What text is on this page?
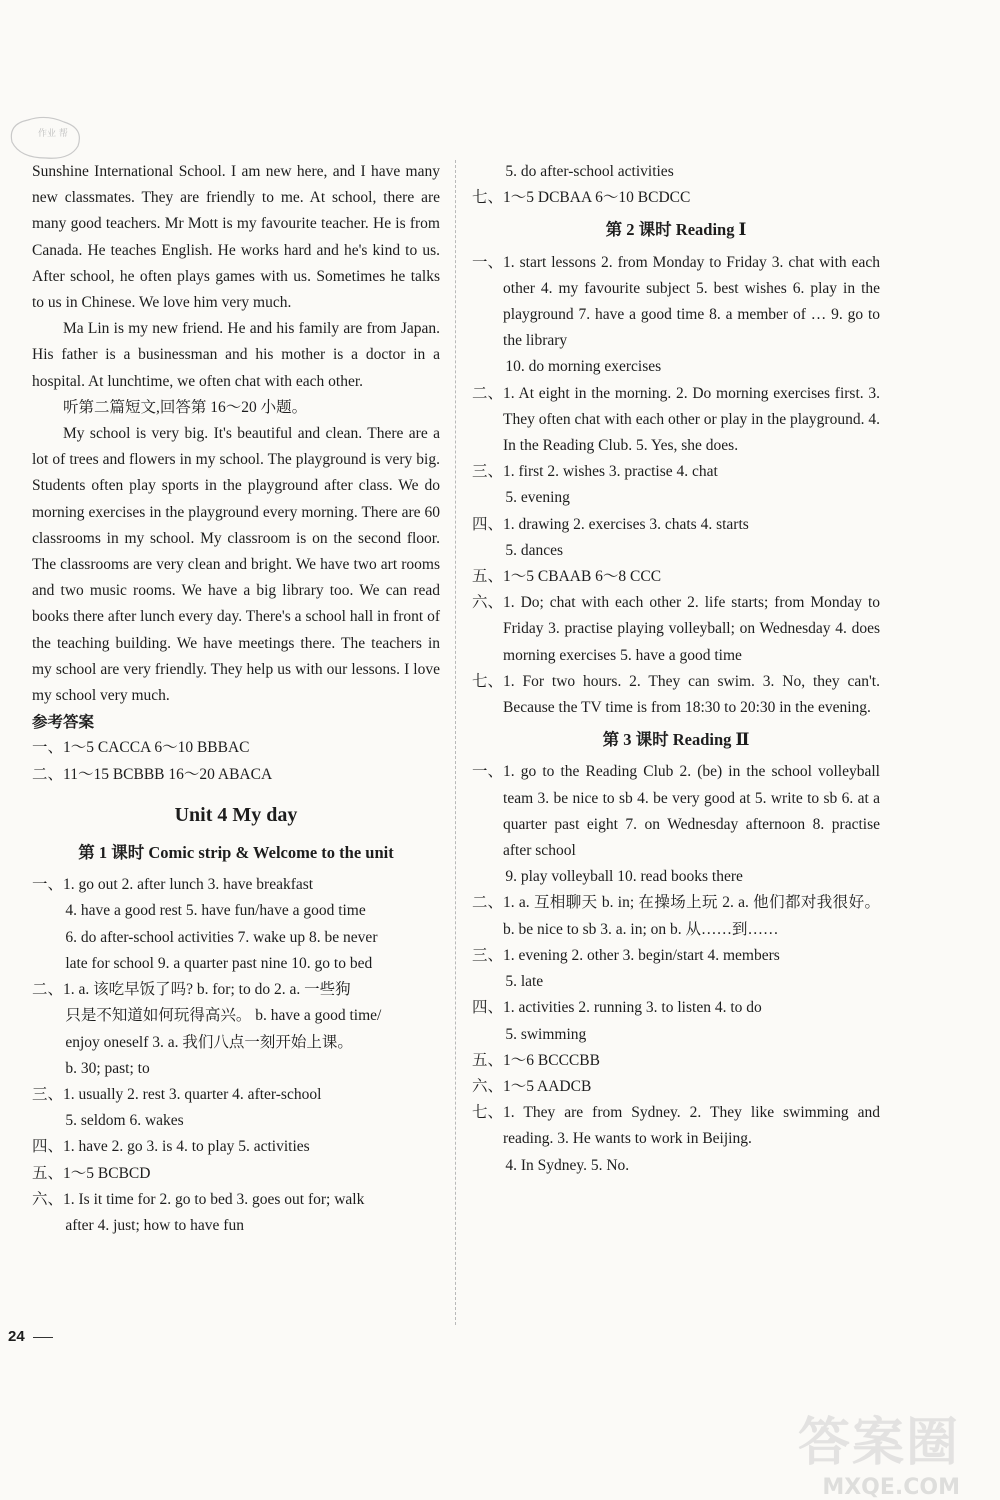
作业 帮
Sunshine International School. I am new here, and I have many new classmates. They are friendly to me. At school, there are many good teachers. Mr Mott is my favourite teacher. He is from Canada. He teaches English. He works hard and he's kind to us. After school, he often plays games with us. Sometimes he talks to us in Chinese. We love him very much.
Ma Lin is my new friend. He and his family are from Japan. His father is a businessman and his mother is a doctor in a hospital. At lunchtime, we often chat with each other.
听第二篇短文,回答第 16～20 小题。
My school is very big. It's beautiful and clean. There are a lot of trees and flowers in my school. The playground is very big. Students often play sports in the playground after class. We do morning exercises in the playground every morning. There are 60 classrooms in my school. My classroom is on the second floor. The classrooms are very clean and bright. We have two art rooms and two music rooms. We have a big library too. We can read books there after lunch every day. There's a school hall in front of the teaching building. We have meetings there. The teachers in my school are very friendly. They help us with our lessons. I love my school very much.
参考答案
一、 1～5 CACCA 6～10 BBBAC
二、 11～15 BCBBB 16～20 ABACA
Unit 4 My day
第 1 课时 Comic strip & Welcome to the unit
一、 1. go out 2. after lunch 3. have breakfast
4. have a good rest 5. have fun/have a good time
6. do after-school activities 7. wake up 8. be never
late for school 9. a quarter past nine 10. go to bed
二、 1. a. 该吃早饭了吗? b. for; to do 2. a. 一些狗
只是不知道如何玩得高兴。 b. have a good time/
enjoy oneself 3. a. 我们八点一刻开始上课。
b. 30; past; to
三、 1. usually 2. rest 3. quarter 4. after-school
5. seldom 6. wakes
四、 1. have 2. go 3. is 4. to play 5. activities
五、 1～5 BCBCD
六、 1. Is it time for 2. go to bed 3. goes out for; walk
after 4. just; how to have fun
5. do after-school activities
七、 1～5 DCBAA 6～10 BCDCC
第 2 课时 Reading Ⅰ
一、 1. start lessons 2. from Monday to Friday 3. chat with each other 4. my favourite subject 5. best wishes 6. play in the playground 7. have a good time 8. a member of … 9. go to the library
10. do morning exercises
二、 1. At eight in the morning. 2. Do morning exercises first. 3. They often chat with each other or play in the playground. 4. In the Reading Club. 5. Yes, she does.
三、 1. first 2. wishes 3. practise 4. chat
5. evening
四、 1. drawing 2. exercises 3. chats 4. starts
5. dances
五、 1～5 CBAAB 6～8 CCC
六、 1. Do; chat with each other 2. life starts; from Monday to Friday 3. practise playing volleyball; on Wednesday 4. does morning exercises 5. have a good time
七、 1. For two hours. 2. They can swim. 3. No, they can't. Because the TV time is from 18:30 to 20:30 in the evening.
第 3 课时 Reading Ⅱ
一、 1. go to the Reading Club 2. (be) in the school volleyball team 3. be nice to sb 4. be very good at 5. write to sb 6. at a quarter past eight 7. on Wednesday afternoon 8. practise after school
9. play volleyball 10. read books there
二、 1. a. 互相聊天 b. in; 在操场上玩 2. a. 他们都对我很好。 b. be nice to sb 3. a. in; on b. 从……到……
三、 1. evening 2. other 3. begin/start 4. members
5. late
四、 1. activities 2. running 3. to listen 4. to do
5. swimming
五、 1～6 BCCCBB
六、 1～5 AADCB
七、 1. They are from Sydney. 2. They like swimming and reading. 3. He wants to work in Beijing.
4. In Sydney. 5. No.
24
答案圈
MXQE.COM
